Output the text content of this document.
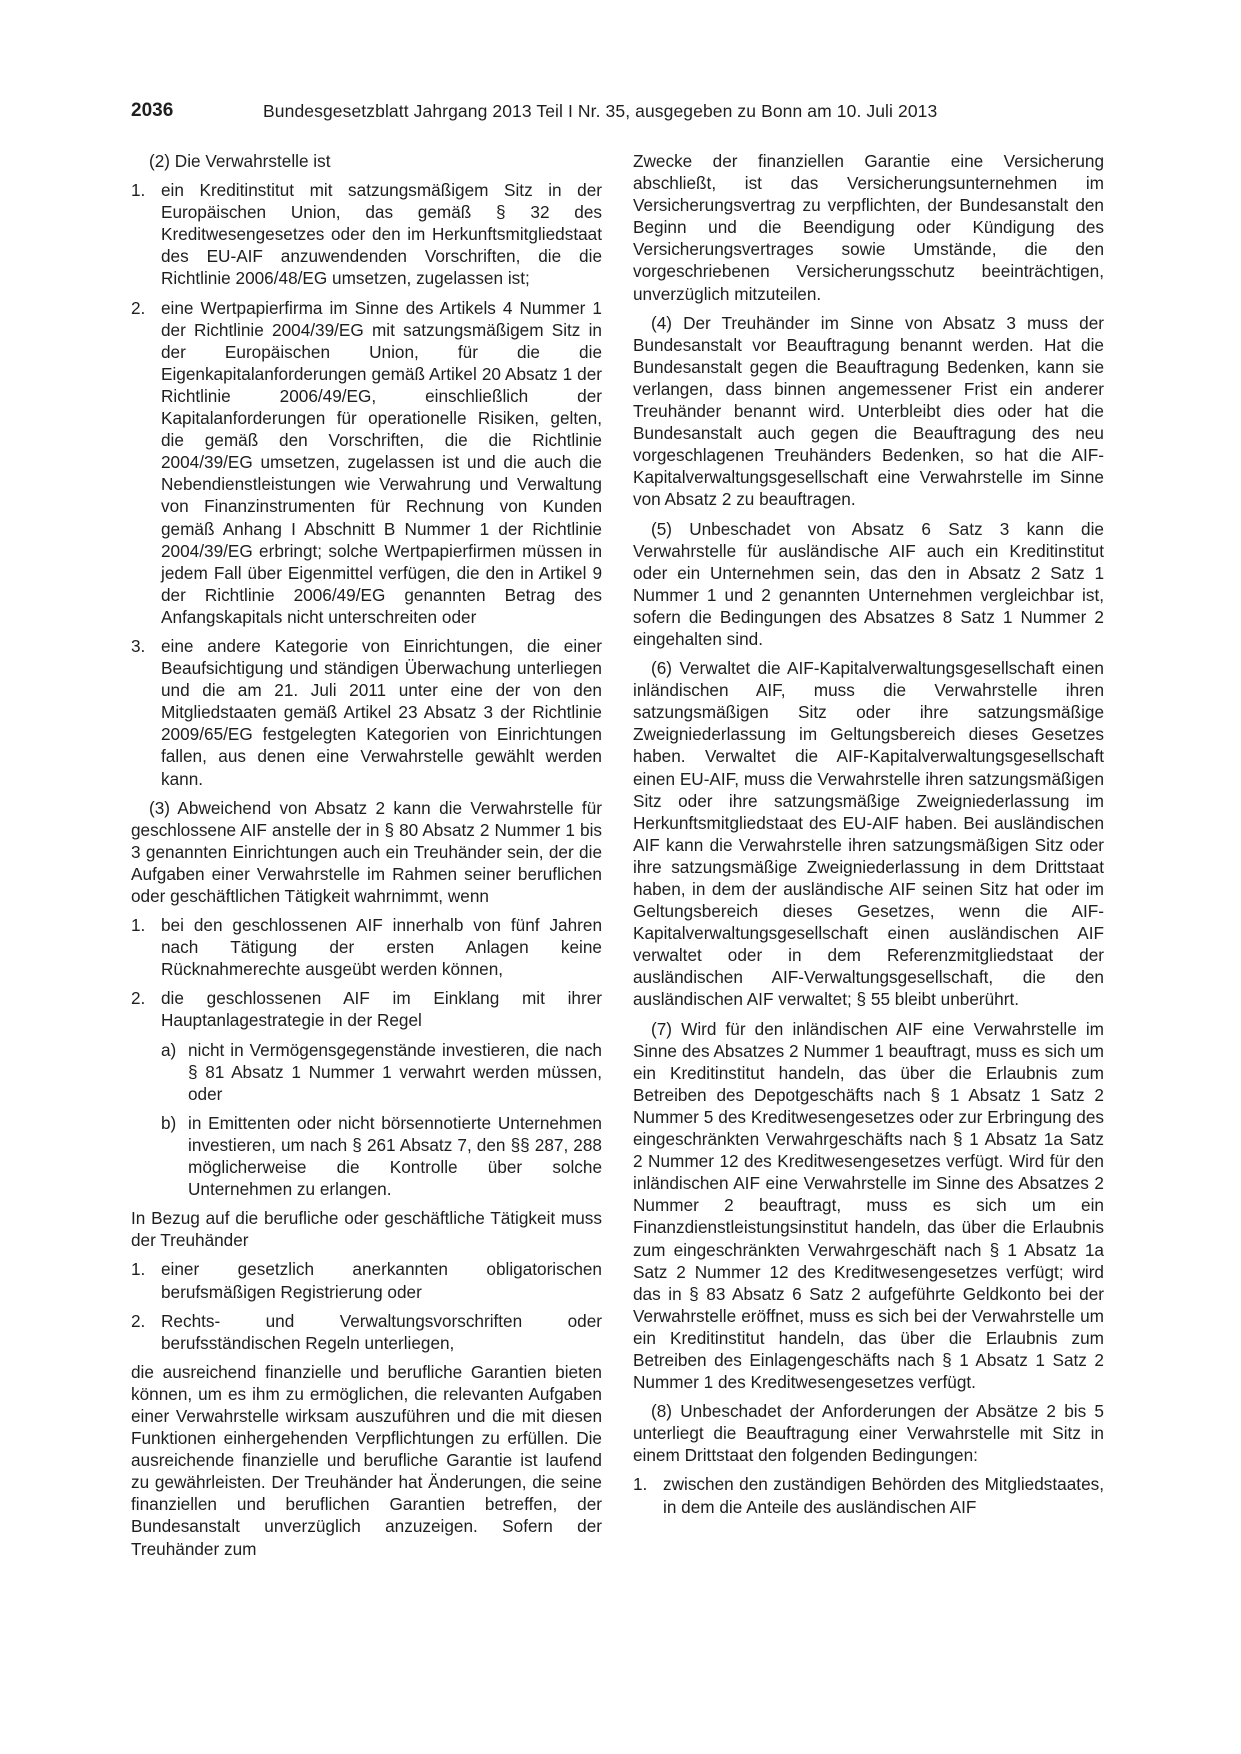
2036	Bundesgesetzblatt Jahrgang 2013 Teil I Nr. 35, ausgegeben zu Bonn am 10. Juli 2013

(2) Die Verwahrstelle ist

1. ein Kreditinstitut mit satzungsmäßigem Sitz in der Europäischen Union, das gemäß § 32 des Kreditwesengesetzes oder den im Herkunftsmitgliedstaat des EU-AIF anzuwendenden Vorschriften, die die Richtlinie 2006/48/EG umsetzen, zugelassen ist;
2. eine Wertpapierfirma im Sinne des Artikels 4 Nummer 1 der Richtlinie 2004/39/EG mit satzungsmäßigem Sitz in der Europäischen Union, für die die Eigenkapitalanforderungen gemäß Artikel 20 Absatz 1 der Richtlinie 2006/49/EG, einschließlich der Kapitalanforderungen für operationelle Risiken, gelten, die gemäß den Vorschriften, die die Richtlinie 2004/39/EG umsetzen, zugelassen ist und die auch die Nebendienstleistungen wie Verwahrung und Verwaltung von Finanzinstrumenten für Rechnung von Kunden gemäß Anhang I Abschnitt B Nummer 1 der Richtlinie 2004/39/EG erbringt; solche Wertpapierfirmen müssen in jedem Fall über Eigenmittel verfügen, die den in Artikel 9 der Richtlinie 2006/49/EG genannten Betrag des Anfangskapitals nicht unterschreiten oder
3. eine andere Kategorie von Einrichtungen, die einer Beaufsichtigung und ständigen Überwachung unterliegen und die am 21. Juli 2011 unter eine der von den Mitgliedstaaten gemäß Artikel 23 Absatz 3 der Richtlinie 2009/65/EG festgelegten Kategorien von Einrichtungen fallen, aus denen eine Verwahrstelle gewählt werden kann.

(3) Abweichend von Absatz 2 kann die Verwahrstelle für geschlossene AIF anstelle der in § 80 Absatz 2 Nummer 1 bis 3 genannten Einrichtungen auch ein Treuhänder sein, der die Aufgaben einer Verwahrstelle im Rahmen seiner beruflichen oder geschäftlichen Tätigkeit wahrnimmt, wenn

1. bei den geschlossenen AIF innerhalb von fünf Jahren nach Tätigung der ersten Anlagen keine Rücknahmerechte ausgeübt werden können,
2. die geschlossenen AIF im Einklang mit ihrer Hauptanlagestrategie in der Regel
a) nicht in Vermögensgegenstände investieren, die nach § 81 Absatz 1 Nummer 1 verwahrt werden müssen, oder
b) in Emittenten oder nicht börsennotierte Unternehmen investieren, um nach § 261 Absatz 7, den §§ 287, 288 möglicherweise die Kontrolle über solche Unternehmen zu erlangen.

In Bezug auf die berufliche oder geschäftliche Tätigkeit muss der Treuhänder

1. einer gesetzlich anerkannten obligatorischen berufsmäßigen Registrierung oder
2. Rechts- und Verwaltungsvorschriften oder berufsständischen Regeln unterliegen,

die ausreichend finanzielle und berufliche Garantien bieten können, um es ihm zu ermöglichen, die relevanten Aufgaben einer Verwahrstelle wirksam auszuführen und die mit diesen Funktionen einhergehenden Verpflichtungen zu erfüllen. Die ausreichende finanzielle und berufliche Garantie ist laufend zu gewährleisten. Der Treuhänder hat Änderungen, die seine finanziellen und beruflichen Garantien betreffen, der Bundesanstalt unverzüglich anzuzeigen. Sofern der Treuhänder zum

Zwecke der finanziellen Garantie eine Versicherung abschließt, ist das Versicherungsunternehmen im Versicherungsvertrag zu verpflichten, der Bundesanstalt den Beginn und die Beendigung oder Kündigung des Versicherungsvertrages sowie Umstände, die den vorgeschriebenen Versicherungsschutz beeinträchtigen, unverzüglich mitzuteilen.

(4) Der Treuhänder im Sinne von Absatz 3 muss der Bundesanstalt vor Beauftragung benannt werden. Hat die Bundesanstalt gegen die Beauftragung Bedenken, kann sie verlangen, dass binnen angemessener Frist ein anderer Treuhänder benannt wird. Unterbleibt dies oder hat die Bundesanstalt auch gegen die Beauftragung des neu vorgeschlagenen Treuhänders Bedenken, so hat die AIF-Kapitalverwaltungsgesellschaft eine Verwahrstelle im Sinne von Absatz 2 zu beauftragen.

(5) Unbeschadet von Absatz 6 Satz 3 kann die Verwahrstelle für ausländische AIF auch ein Kreditinstitut oder ein Unternehmen sein, das den in Absatz 2 Satz 1 Nummer 1 und 2 genannten Unternehmen vergleichbar ist, sofern die Bedingungen des Absatzes 8 Satz 1 Nummer 2 eingehalten sind.

(6) Verwaltet die AIF-Kapitalverwaltungsgesellschaft einen inländischen AIF, muss die Verwahrstelle ihren satzungsmäßigen Sitz oder ihre satzungsmäßige Zweigniederlassung im Geltungsbereich dieses Gesetzes haben. Verwaltet die AIF-Kapitalverwaltungsgesellschaft einen EU-AIF, muss die Verwahrstelle ihren satzungsmäßigen Sitz oder ihre satzungsmäßige Zweigniederlassung im Herkunftsmitgliedstaat des EU-AIF haben. Bei ausländischen AIF kann die Verwahrstelle ihren satzungsmäßigen Sitz oder ihre satzungsmäßige Zweigniederlassung in dem Drittstaat haben, in dem der ausländische AIF seinen Sitz hat oder im Geltungsbereich dieses Gesetzes, wenn die AIF-Kapitalverwaltungsgesellschaft einen ausländischen AIF verwaltet oder in dem Referenzmitgliedstaat der ausländischen AIF-Verwaltungsgesellschaft, die den ausländischen AIF verwaltet; § 55 bleibt unberührt.

(7) Wird für den inländischen AIF eine Verwahrstelle im Sinne des Absatzes 2 Nummer 1 beauftragt, muss es sich um ein Kreditinstitut handeln, das über die Erlaubnis zum Betreiben des Depotgeschäfts nach § 1 Absatz 1 Satz 2 Nummer 5 des Kreditwesengesetzes oder zur Erbringung des eingeschränkten Verwahrgeschäfts nach § 1 Absatz 1a Satz 2 Nummer 12 des Kreditwesengesetzes verfügt. Wird für den inländischen AIF eine Verwahrstelle im Sinne des Absatzes 2 Nummer 2 beauftragt, muss es sich um ein Finanzdienstleistungsinstitut handeln, das über die Erlaubnis zum eingeschränkten Verwahrgeschäft nach § 1 Absatz 1a Satz 2 Nummer 12 des Kreditwesengesetzes verfügt; wird das in § 83 Absatz 6 Satz 2 aufgeführte Geldkonto bei der Verwahrstelle eröffnet, muss es sich bei der Verwahrstelle um ein Kreditinstitut handeln, das über die Erlaubnis zum Betreiben des Einlagengeschäfts nach § 1 Absatz 1 Satz 2 Nummer 1 des Kreditwesengesetzes verfügt.

(8) Unbeschadet der Anforderungen der Absätze 2 bis 5 unterliegt die Beauftragung einer Verwahrstelle mit Sitz in einem Drittstaat den folgenden Bedingungen:

1. zwischen den zuständigen Behörden des Mitgliedstaates, in dem die Anteile des ausländischen AIF
